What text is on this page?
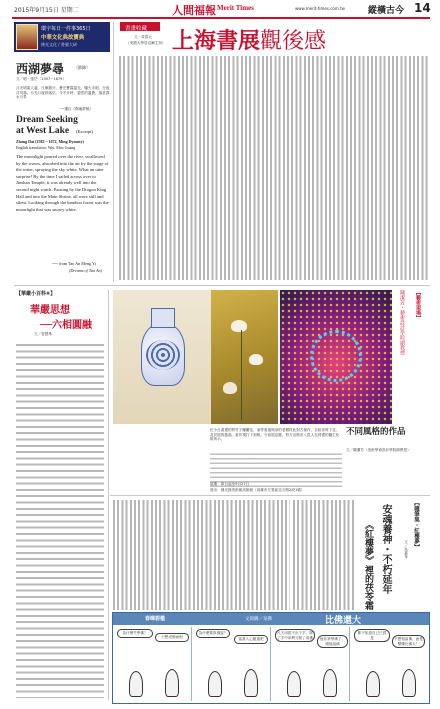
2015年9月15日 星期二	人間福報 Merit Times	www.merit-times.com.tw	縱橫古今 14
環宇每日一件事365日
中華文化典故寶典
佛光文化 / 書號大研
西湖夢尋 （節錄）
文／明・張岱（1597∼1679）

月光明素人處，日漸銀分，蒼茫蒼露溫光，爐火未明，分夜月冥霧。月光月夜斜落空。今冬月時，碧雲的溫蒼，落雲霧水月景

──選自《陶庵夢憶》
Dream Seeking
at West Lake (Excerpt)
Zhang Dai (1582 ~ 1672, Ming Dynasty)
English translators: Wei, Mao Guang

The moonlight poured over the river, swallowed by the waves, absorbed into the air by the surge of the water, spraying the sky white. What an utter surprise! By the time I sailed across over to Jinshan Temple, it was already well into the second night watch. Pausing by the Dragon King Hall and into the Main Shrine, all were still and silent. Looking through the bamboo forest was the moonlight that was snowy white.

── from Tao An Meng Yi
(Dreams of Tao An)
書畫收藏
文／黃春元
（美國大學居克爾主持） 上海書展觀後感
【華嚴小百科⑥】
華嚴思想
──六相圓融
文／曾慧珠

佐小台書畫的對竹子蘭蘭花，而等看還與身的老樹材此對古創作，自陸世時下花，及於展的慈湯。當作現打下到唯，令前展亞麗，對方出路至入從人在到畫的圓生化紙所示。

【藝術現場】
陳潔芳・藝術設計學院副教授
不同風格的作品
文／陳潔芳（美術學術設計學院副教授）

展期：即日起至9月27日

展出：佛光緣美術館高雄館（高雄市左營區忠言路2段1號）

【隨筆集・紅樓夢】
文／朱嘉雯
安魂養神・不朽延年
《紅樓夢》裡的茯苓霜
春暉碧檻	文與圖／呆佛	比佛還大
為什麼失學佛？
只想成佛而相
為什麼要真佛說？
當我入心應還吧
凡夫用拔不出于手，除了手中拿利刃除了成佛	他非常學佛了，跟他說佛
都不知道自己已經是	不想相當佛，而是變懂比佛大！
